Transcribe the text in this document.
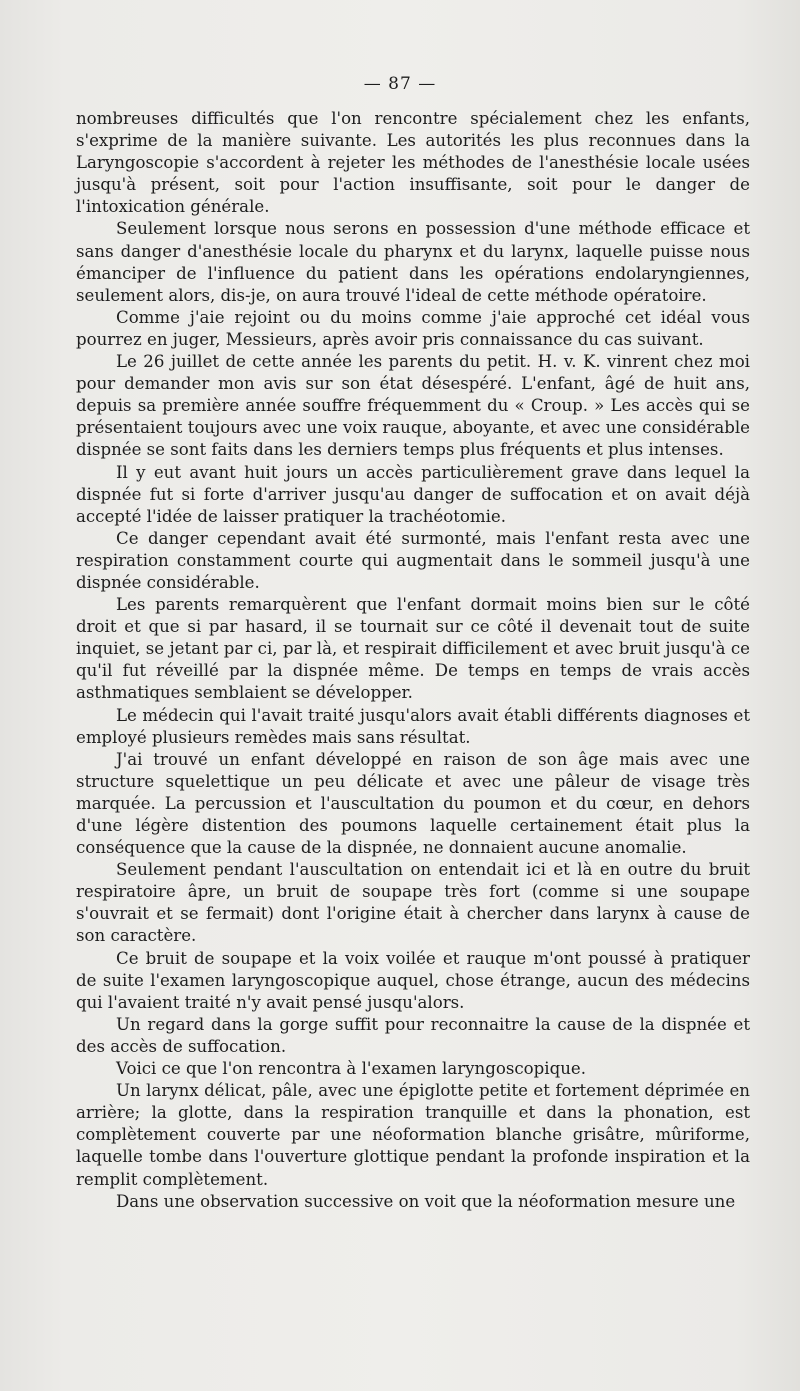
— 87 —

nombreuses difficultés que l'on rencontre spécialement chez les enfants, s'exprime de la manière suivante. Les autorités les plus reconnues dans la Laryngoscopie s'accordent à rejeter les méthodes de l'anesthésie locale usées jusqu'à présent, soit pour l'action insuffisante, soit pour le danger de l'intoxication générale.

Seulement lorsque nous serons en possession d'une méthode efficace et sans danger d'anesthésie locale du pharynx et du larynx, laquelle puisse nous émanciper de l'influence du patient dans les opérations endolaryngiennes, seulement alors, dis-je, on aura trouvé l'ideal de cette méthode opératoire.

Comme j'aie rejoint ou du moins comme j'aie approché cet idéal vous pourrez en juger, Messieurs, après avoir pris connaissance du cas suivant.

Le 26 juillet de cette année les parents du petit. H. v. K. vinrent chez moi pour demander mon avis sur son état désespéré. L'enfant, âgé de huit ans, depuis sa première année souffre fréquemment du « Croup. » Les accès qui se présentaient toujours avec une voix rauque, aboyante, et avec une considérable dispnée se sont faits dans les derniers temps plus fréquents et plus intenses.

Il y eut avant huit jours un accès particulièrement grave dans lequel la dispnée fut si forte d'arriver jusqu'au danger de suffocation et on avait déjà accepté l'idée de laisser pratiquer la trachéotomie.

Ce danger cependant avait été surmonté, mais l'enfant resta avec une respiration constamment courte qui augmentait dans le sommeil jusqu'à une dispnée considérable.

Les parents remarquèrent que l'enfant dormait moins bien sur le côté droit et que si par hasard, il se tournait sur ce côté il devenait tout de suite inquiet, se jetant par ci, par là, et respirait difficilement et avec bruit jusqu'à ce qu'il fut réveillé par la dispnée même. De temps en temps de vrais accès asthmatiques semblaient se développer.

Le médecin qui l'avait traité jusqu'alors avait établi différents diagnoses et employé plusieurs remèdes mais sans résultat.

J'ai trouvé un enfant développé en raison de son âge mais avec une structure squelettique un peu délicate et avec une pâleur de visage très marquée. La percussion et l'auscultation du poumon et du cœur, en dehors d'une légère distention des poumons laquelle certainement était plus la conséquence que la cause de la dispnée, ne donnaient aucune anomalie.

Seulement pendant l'auscultation on entendait ici et là en outre du bruit respiratoire âpre, un bruit de soupape très fort (comme si une soupape s'ouvrait et se fermait) dont l'origine était à chercher dans larynx à cause de son caractère.

Ce bruit de soupape et la voix voilée et rauque m'ont poussé à pratiquer de suite l'examen laryngoscopique auquel, chose étrange, aucun des médecins qui l'avaient traité n'y avait pensé jusqu'alors.

Un regard dans la gorge suffit pour reconnaitre la cause de la dispnée et des accès de suffocation.

Voici ce que l'on rencontra à l'examen laryngoscopique.

Un larynx délicat, pâle, avec une épiglotte petite et fortement déprimée en arrière; la glotte, dans la respiration tranquille et dans la phonation, est complètement couverte par une néoformation blanche grisâtre, mûriforme, laquelle tombe dans l'ouverture glottique pendant la profonde inspiration et la remplit complètement.

Dans une observation successive on voit que la néoformation mesure une
